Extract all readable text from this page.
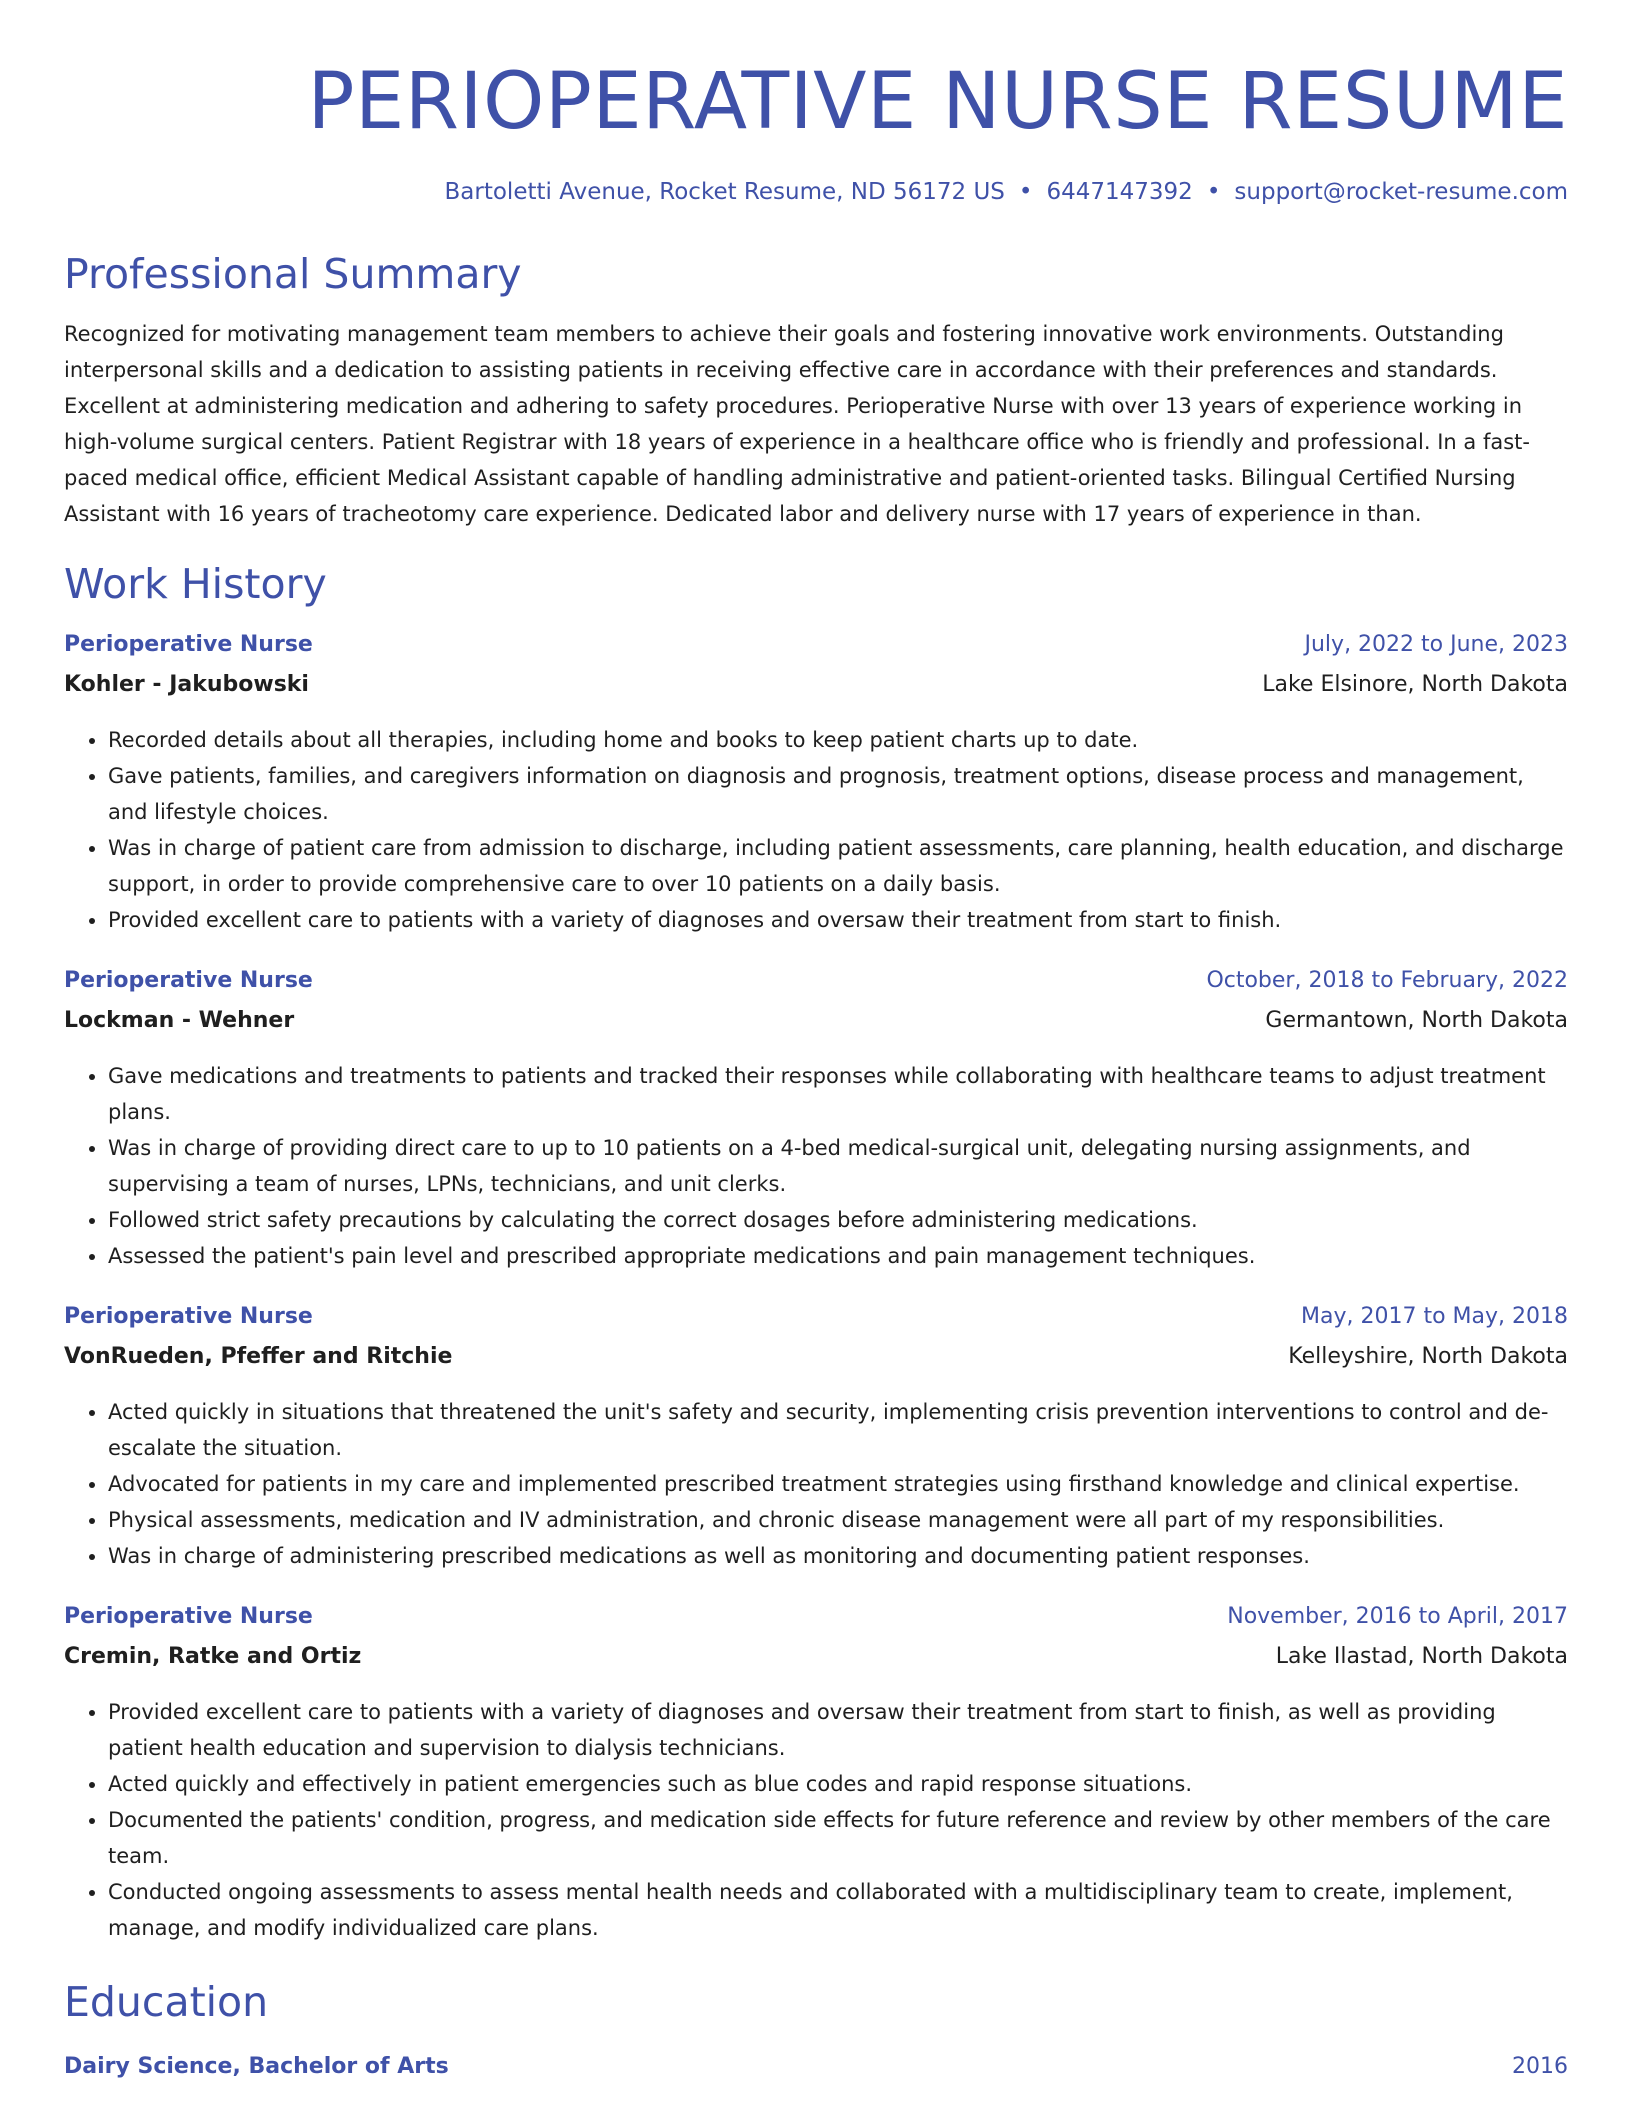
PERIOPERATIVE NURSE RESUME
Bartoletti Avenue, Rocket Resume, ND 56172 US • 6447147392 • support@rocket-resume.com
Professional Summary
Recognized for motivating management team members to achieve their goals and fostering innovative work environments. Outstanding interpersonal skills and a dedication to assisting patients in receiving effective care in accordance with their preferences and standards. Excellent at administering medication and adhering to safety procedures. Perioperative Nurse with over 13 years of experience working in high-volume surgical centers. Patient Registrar with 18 years of experience in a healthcare office who is friendly and professional. In a fast-paced medical office, efficient Medical Assistant capable of handling administrative and patient-oriented tasks. Bilingual Certified Nursing Assistant with 16 years of tracheotomy care experience. Dedicated labor and delivery nurse with 17 years of experience in than.
Work History
Perioperative Nurse	July, 2022 to June, 2023
Kohler - Jakubowski	Lake Elsinore, North Dakota
• Recorded details about all therapies, including home and books to keep patient charts up to date.
• Gave patients, families, and caregivers information on diagnosis and prognosis, treatment options, disease process and management, and lifestyle choices.
• Was in charge of patient care from admission to discharge, including patient assessments, care planning, health education, and discharge support, in order to provide comprehensive care to over 10 patients on a daily basis.
• Provided excellent care to patients with a variety of diagnoses and oversaw their treatment from start to finish.
Perioperative Nurse	October, 2018 to February, 2022
Lockman - Wehner	Germantown, North Dakota
• Gave medications and treatments to patients and tracked their responses while collaborating with healthcare teams to adjust treatment plans.
• Was in charge of providing direct care to up to 10 patients on a 4-bed medical-surgical unit, delegating nursing assignments, and supervising a team of nurses, LPNs, technicians, and unit clerks.
• Followed strict safety precautions by calculating the correct dosages before administering medications.
• Assessed the patient's pain level and prescribed appropriate medications and pain management techniques.
Perioperative Nurse	May, 2017 to May, 2018
VonRueden, Pfeffer and Ritchie	Kelleyshire, North Dakota
• Acted quickly in situations that threatened the unit's safety and security, implementing crisis prevention interventions to control and de-escalate the situation.
• Advocated for patients in my care and implemented prescribed treatment strategies using firsthand knowledge and clinical expertise.
• Physical assessments, medication and IV administration, and chronic disease management were all part of my responsibilities.
• Was in charge of administering prescribed medications as well as monitoring and documenting patient responses.
Perioperative Nurse	November, 2016 to April, 2017
Cremin, Ratke and Ortiz	Lake Ilastad, North Dakota
• Provided excellent care to patients with a variety of diagnoses and oversaw their treatment from start to finish, as well as providing patient health education and supervision to dialysis technicians.
• Acted quickly and effectively in patient emergencies such as blue codes and rapid response situations.
• Documented the patients' condition, progress, and medication side effects for future reference and review by other members of the care team.
• Conducted ongoing assessments to assess mental health needs and collaborated with a multidisciplinary team to create, implement, manage, and modify individualized care plans.
Education
Dairy Science, Bachelor of Arts	2016
